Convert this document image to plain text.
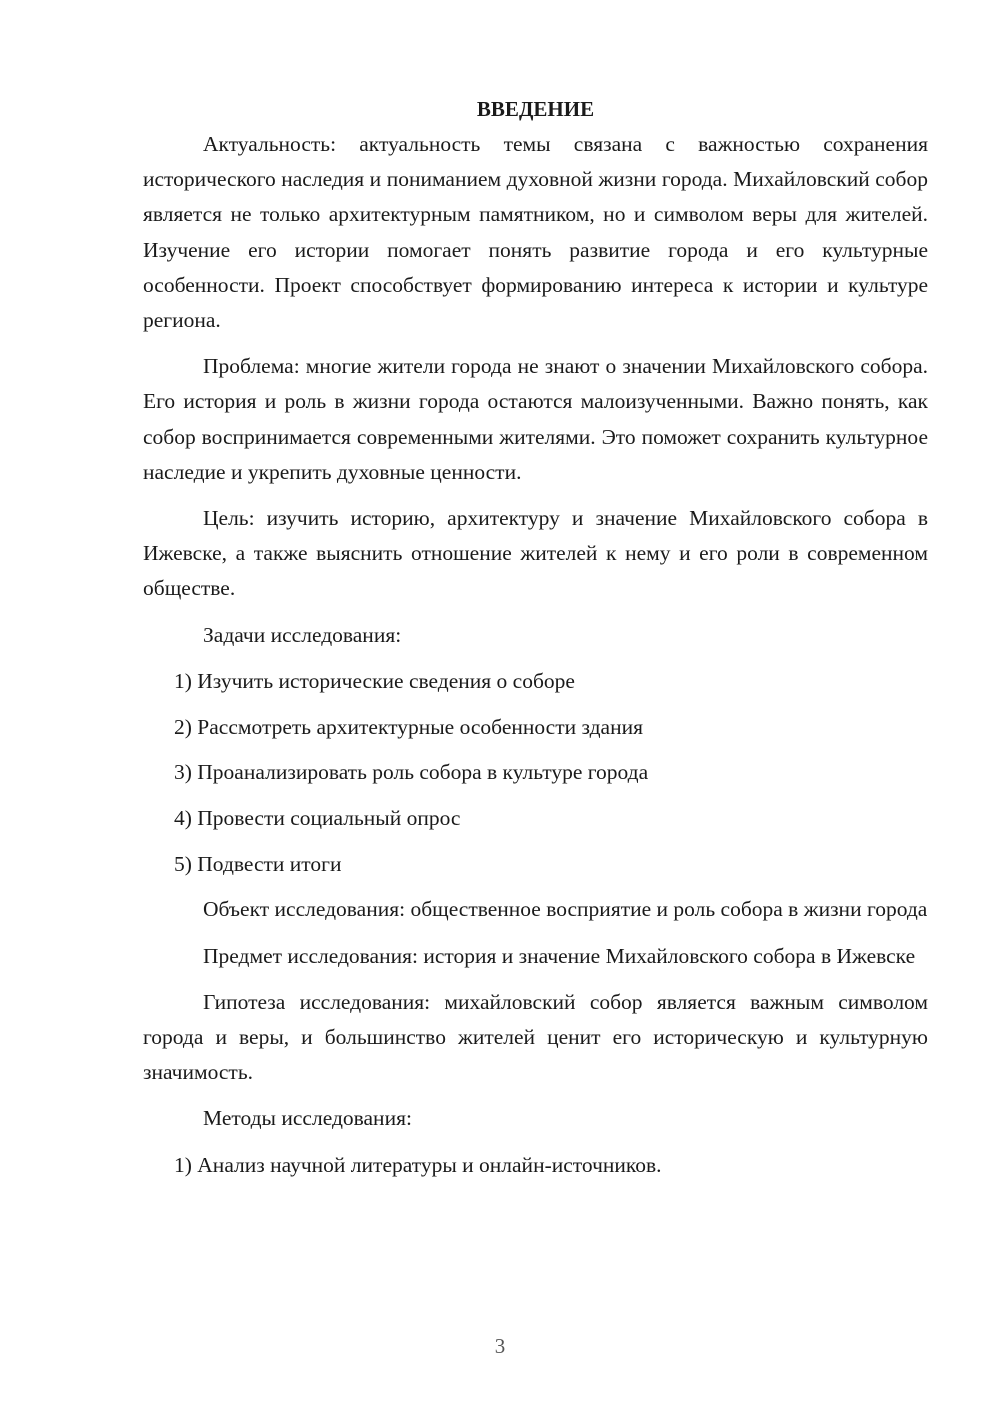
ВВЕДЕНИЕ

Актуальность: актуальность темы связана с важностью сохранения исторического наследия и пониманием духовной жизни города. Михайловский собор является не только архитектурным памятником, но и символом веры для жителей. Изучение его истории помогает понять развитие города и его культурные особенности. Проект способствует формированию интереса к истории и культуре региона.

Проблема: многие жители города не знают о значении Михайловского собора. Его история и роль в жизни города остаются малоизученными. Важно понять, как собор воспринимается современными жителями. Это поможет сохранить культурное наследие и укрепить духовные ценности.

Цель: изучить историю, архитектуру и значение Михайловского собора в Ижевске, а также выяснить отношение жителей к нему и его роли в современном обществе.

Задачи исследования:

1) Изучить исторические сведения о соборе
2) Рассмотреть архитектурные особенности здания
3) Проанализировать роль собора в культуре города
4) Провести социальный опрос
5) Подвести итоги

Объект исследования: общественное восприятие и роль собора в жизни города

Предмет исследования: история и значение Михайловского собора в Ижевске

Гипотеза исследования: михайловский собор является важным символом города и веры, и большинство жителей ценит его историческую и культурную значимость.

Методы исследования:

1) Анализ научной литературы и онлайн-источников.
3
